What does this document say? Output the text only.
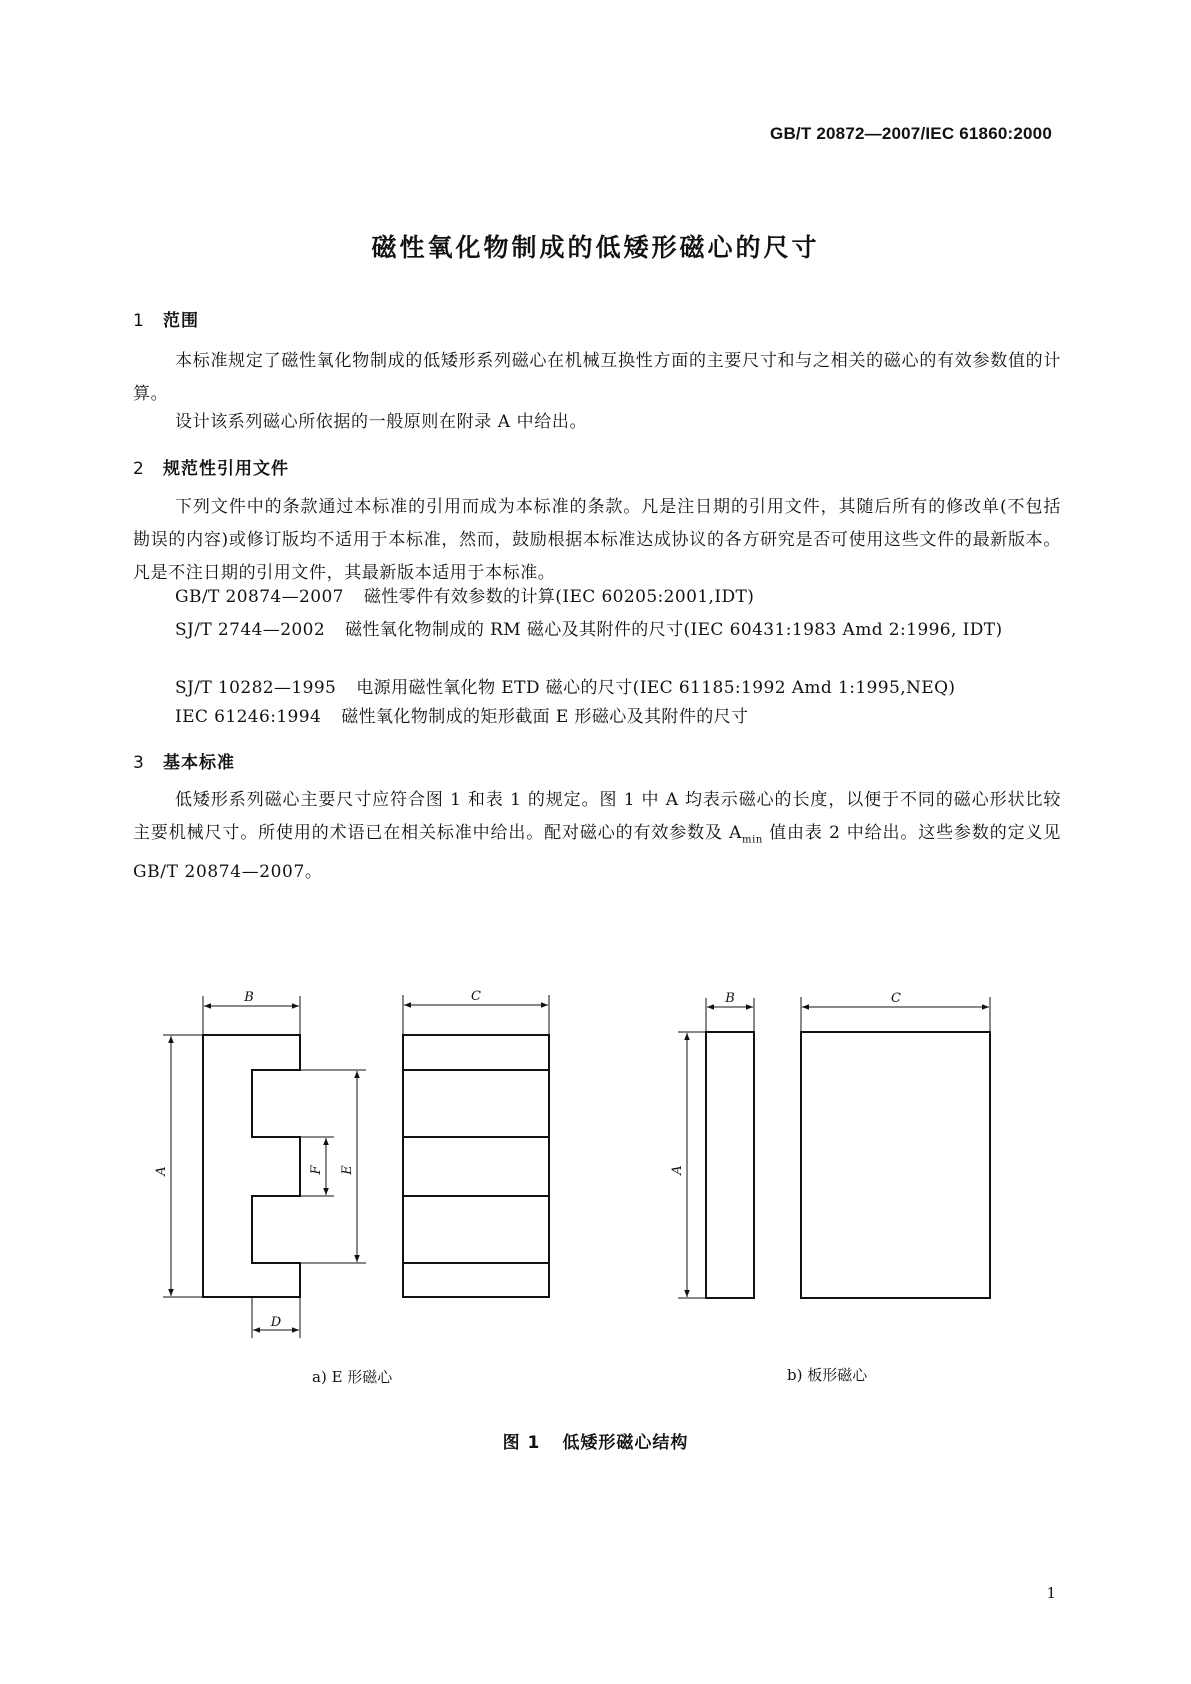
GB/T 20872—2007/IEC 61860:2000
磁性氧化物制成的低矮形磁心的尺寸
1 范围

本标准规定了磁性氧化物制成的低矮形系列磁心在机械互换性方面的主要尺寸和与之相关的磁心的有效参数值的计算。

设计该系列磁心所依据的一般原则在附录 A 中给出。

2 规范性引用文件

下列文件中的条款通过本标准的引用而成为本标准的条款。凡是注日期的引用文件，其随后所有的修改单(不包括勘误的内容)或修订版均不适用于本标准，然而，鼓励根据本标准达成协议的各方研究是否可使用这些文件的最新版本。凡是不注日期的引用文件，其最新版本适用于本标准。

GB/T 20874—2007 磁性零件有效参数的计算(IEC 60205:2001,IDT)

SJ/T 2744—2002 磁性氧化物制成的 RM 磁心及其附件的尺寸(IEC 60431:1983 Amd 2:1996, IDT)

SJ/T 10282—1995 电源用磁性氧化物 ETD 磁心的尺寸(IEC 61185:1992 Amd 1:1995,NEQ)

IEC 61246:1994 磁性氧化物制成的矩形截面 E 形磁心及其附件的尺寸

3 基本标准

低矮形系列磁心主要尺寸应符合图 1 和表 1 的规定。图 1 中 A 均表示磁心的长度，以便于不同的磁心形状比较主要机械尺寸。所使用的术语已在相关标准中给出。配对磁心的有效参数及 $A_{min}$ 值由表 2 中给出。这些参数的定义见 GB/T 20874—2007。

B	C
A	F E
D
B	C
A
a) E 形磁心	b) 板形磁心
图 1 低矮形磁心结构
1
